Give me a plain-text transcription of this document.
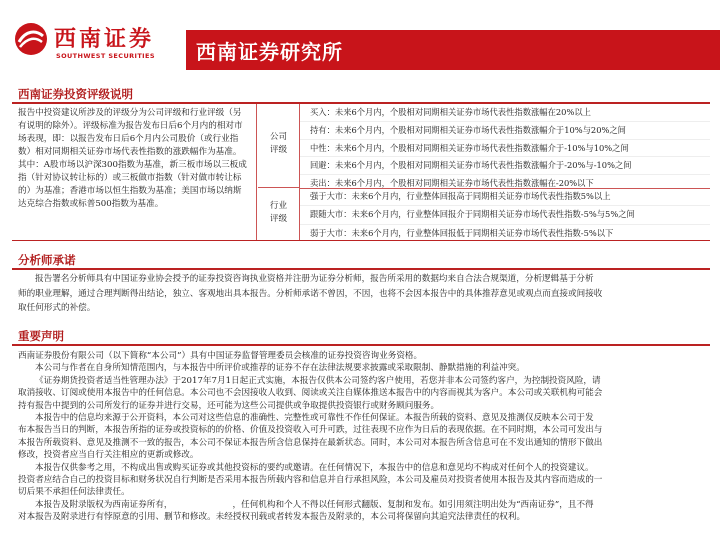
西南证券
SOUTHWEST SECURITIES 西南证券研究所
西南证券投资评级说明
报告中投资建议所涉及的评级分为公司评级和行业评级（另有说明的除外）。评级标准为报告发布日后6个月内的相对市场表现，即：以报告发布日后6个月内公司股价（或行业指数）相对同期相关证券市场代表性指数的涨跌幅作为基准。其中：A股市场以沪深300指数为基准，新三板市场以三板成指（针对协议转让标的）或三板做市指数（针对做市转让标的）为基准；香港市场以恒生指数为基准；美国市场以纳斯达克综合指数或标普500指数为基准。
公司
评级
买入：未来6个月内，个股相对同期相关证券市场代表性指数涨幅在20%以上
持有：未来6个月内，个股相对同期相关证券市场代表性指数涨幅介于10%与20%之间
中性：未来6个月内，个股相对同期相关证券市场代表性指数涨幅介于-10%与10%之间
回避：未来6个月内，个股相对同期相关证券市场代表性指数涨幅介于-20%与-10%之间
卖出：未来6个月内，个股相对同期相关证券市场代表性指数涨幅在-20%以下
行业
评级
强于大市：未来6个月内，行业整体回报高于同期相关证券市场代表性指数5%以上
跟随大市：未来6个月内，行业整体回报介于同期相关证券市场代表性指数-5%与5%之间
弱于大市：未来6个月内，行业整体回报低于同期相关证券市场代表性指数-5%以下
分析师承诺
报告署名分析师具有中国证券业协会授予的证券投资咨询执业资格并注册为证券分析师，报告所采用的数据均来自合法合规渠道，分析逻辑基于分析
师的职业理解，通过合理判断得出结论，独立、客观地出具本报告。分析师承诺不曾因，不因，也将不会因本报告中的具体推荐意见或观点而直接或间接收
取任何形式的补偿。
重要声明
西南证券股份有限公司（以下简称“本公司”）具有中国证券监督管理委员会核准的证券投资咨询业务资格。
本公司与作者在自身所知情范围内，与本报告中所评价或推荐的证券不存在法律法规要求披露或采取限制、静默措施的利益冲突。
《证券期货投资者适当性管理办法》于2017年7月1日起正式实施，本报告仅供本公司签约客户使用，若您并非本公司签约客户，为控制投资风险，请
取消接收、订阅或使用本报告中的任何信息。本公司也不会因接收人收到、阅读或关注自媒体推送本报告中的内容而视其为客户。本公司或关联机构可能会
持有报告中提到的公司所发行的证券并进行交易，还可能为这些公司提供或争取提供投资银行或财务顾问服务。
本报告中的信息均来源于公开资料，本公司对这些信息的准确性、完整性或可靠性不作任何保证。本报告所载的资料、意见及推测仅反映本公司于发
布本报告当日的判断，本报告所指的证券或投资标的的价格、价值及投资收入可升可跌，过往表现不应作为日后的表现依据。在不同时期，本公司可发出与
本报告所载资料、意见及推测不一致的报告，本公司不保证本报告所含信息保持在最新状态。同时，本公司对本报告所含信息可在不发出通知的情形下做出
修改，投资者应当自行关注相应的更新或修改。
本报告仅供参考之用，不构成出售或购买证券或其他投资标的要约或邀请。在任何情况下，本报告中的信息和意见均不构成对任何个人的投资建议。
投资者应结合自己的投资目标和财务状况自行判断是否采用本报告所载内容和信息并自行承担风险，本公司及雇员对投资者使用本报告及其内容而造成的一
切后果不承担任何法律责任。
本报告及附录版权为西南证券所有，	，任何机构和个人不得以任何形式翻版、复制和发布。如引用须注明出处为“西南证券”，且不得
对本报告及附录进行有悖原意的引用、删节和修改。未经授权刊载或者转发本报告及附录的，本公司将保留向其追究法律责任的权利。
